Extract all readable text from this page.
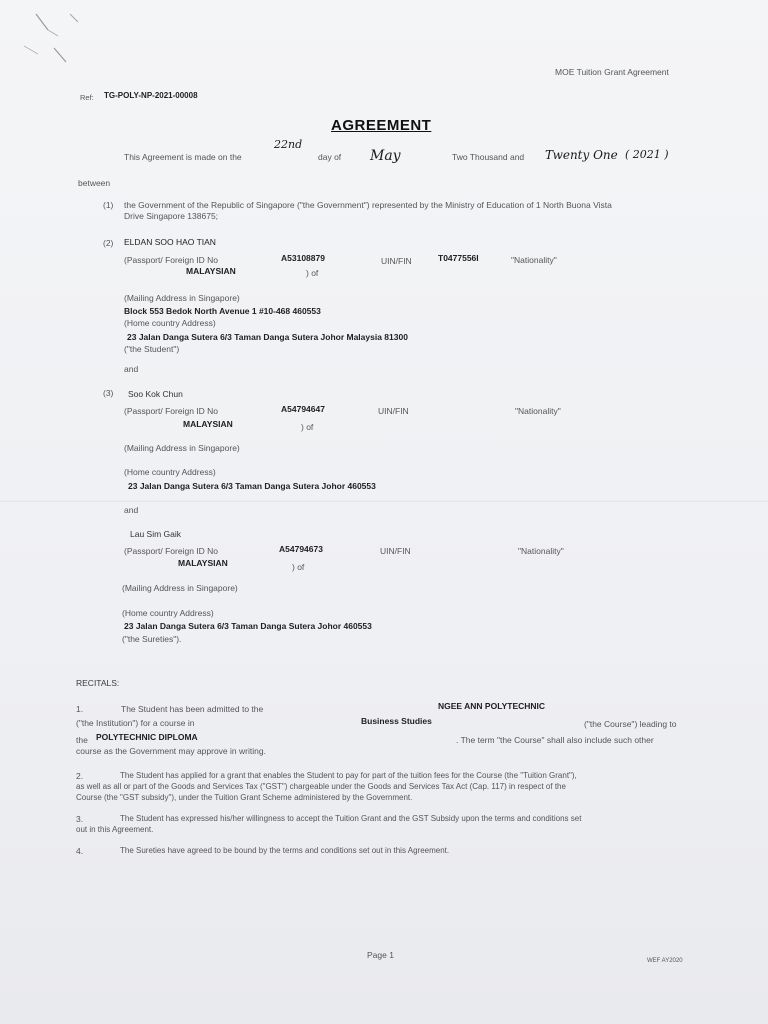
MOE Tuition Grant Agreement
Ref: TG-POLY-NP-2021-00008
AGREEMENT
This Agreement is made on the
22nd
day of May	Two Thousand and Twenty One ( 2021 )
between
(1) the Government of the Republic of Singapore ("the Government") represented by the Ministry of Education of 1 North Buona Vista
Drive Singapore 138675;
(2) ELDAN SOO HAO TIAN
(Passport/ Foreign ID No	A53108879	UIN/FIN	T0477556I	"Nationality"
MALAYSIAN	) of
(Mailing Address in Singapore)
Block 553 Bedok North Avenue 1 #10-468 460553
(Home country Address)
23 Jalan Danga Sutera 6/3 Taman Danga Sutera Johor Malaysia 81300
("the Student")
and
(3) Soo Kok Chun
(Passport/ Foreign ID No	A54794647	UIN/FIN	"Nationality"
MALAYSIAN	) of
(Mailing Address in Singapore)
(Home country Address)
23 Jalan Danga Sutera 6/3 Taman Danga Sutera Johor 460553
and
Lau Sim Gaik
(Passport/ Foreign ID No	A54794673	UIN/FIN	"Nationality"
MALAYSIAN	) of
(Mailing Address in Singapore)
(Home country Address)
23 Jalan Danga Sutera 6/3 Taman Danga Sutera Johor 460553
("the Sureties").
RECITALS:
1.	The Student has been admitted to the	NGEE ANN POLYTECHNIC
("the Institution") for a course in	Business Studies	("the Course") leading to
the POLYTECHNIC DIPLOMA	. The term "the Course" shall also include such other
course as the Government may approve in writing.
2.	The Student has applied for a grant that enables the Student to pay for part of the tuition fees for the Course (the "Tuition Grant"),
as well as all or part of the Goods and Services Tax ("GST") chargeable under the Goods and Services Tax Act (Cap. 117) in respect of the
Course (the "GST subsidy"), under the Tuition Grant Scheme administered by the Government.
3.	The Student has expressed his/her willingness to accept the Tuition Grant and the GST Subsidy upon the terms and conditions set
out in this Agreement.
4.	The Sureties have agreed to be bound by the terms and conditions set out in this Agreement.
Page 1
WEF AY2020
